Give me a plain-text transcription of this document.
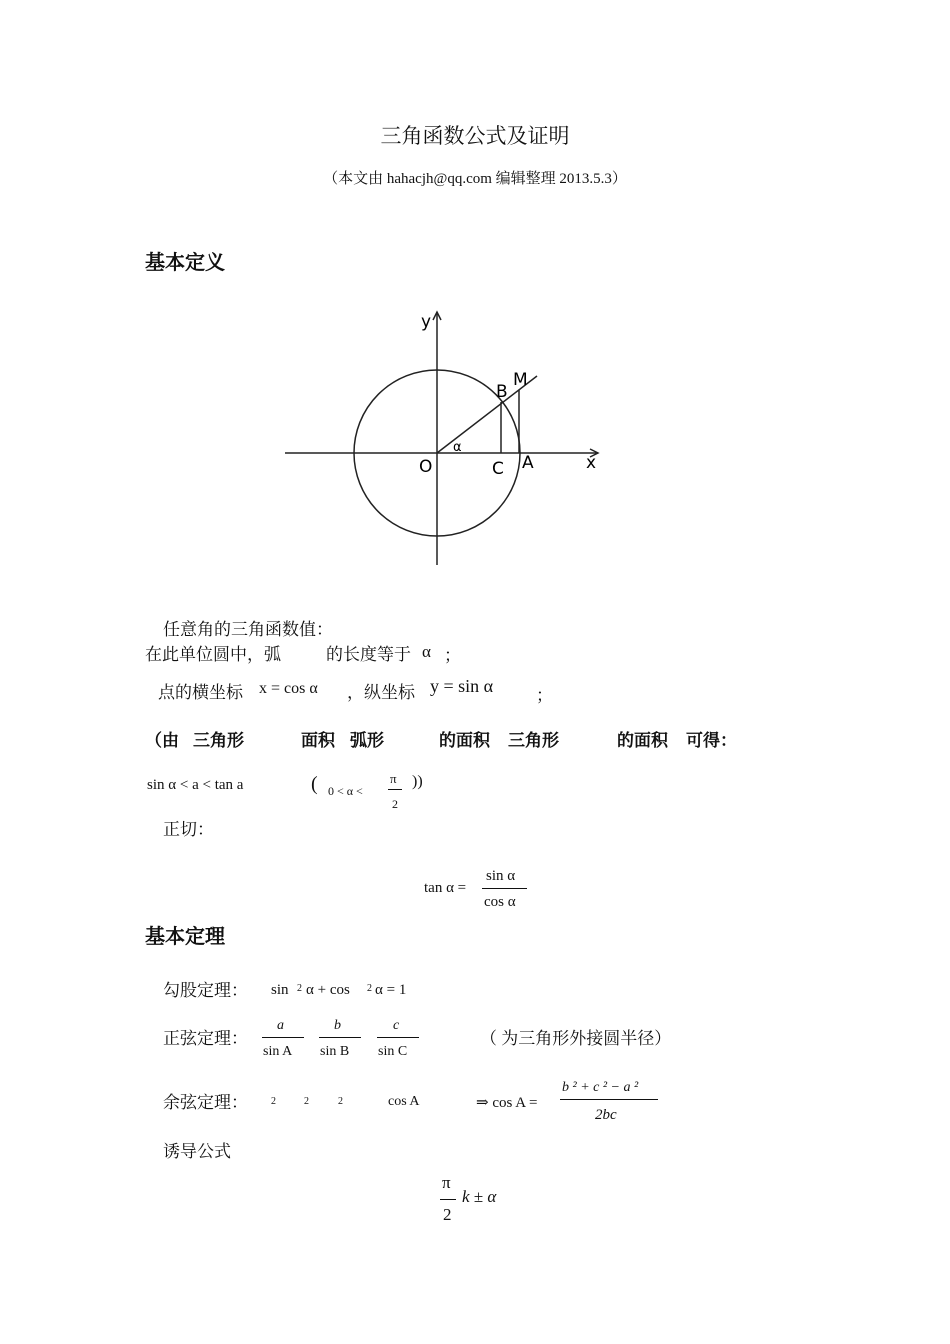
三角函数公式及证明
（本文由 hahacjh@qq.com 编辑整理 2013.5.3）
基本定义
y
x
O	A
C
B
M
α
任意角的三角函数值：
在此单位圆中，弧	的长度等于 α ；
点的横坐标 x = cos α ，纵坐标 y = sin α	；
（由 三角形	面积 弧形	的面积 三角形	的面积 可得：
sin α < a < tan a	( 0 < α <
π
2
))
正切：
tan α =
sin α
cos α
基本定理
勾股定理： sin 2 α + cos 2 α = 1
正弦定理：
a
sin A
b
sin B
c
sin C
（ 为三角形外接圆半径）
余弦定理： 2	2	2	cos A	⇒ cos A =
b ² + c ² − a ²
2bc
诱导公式
π
2
k ± α
